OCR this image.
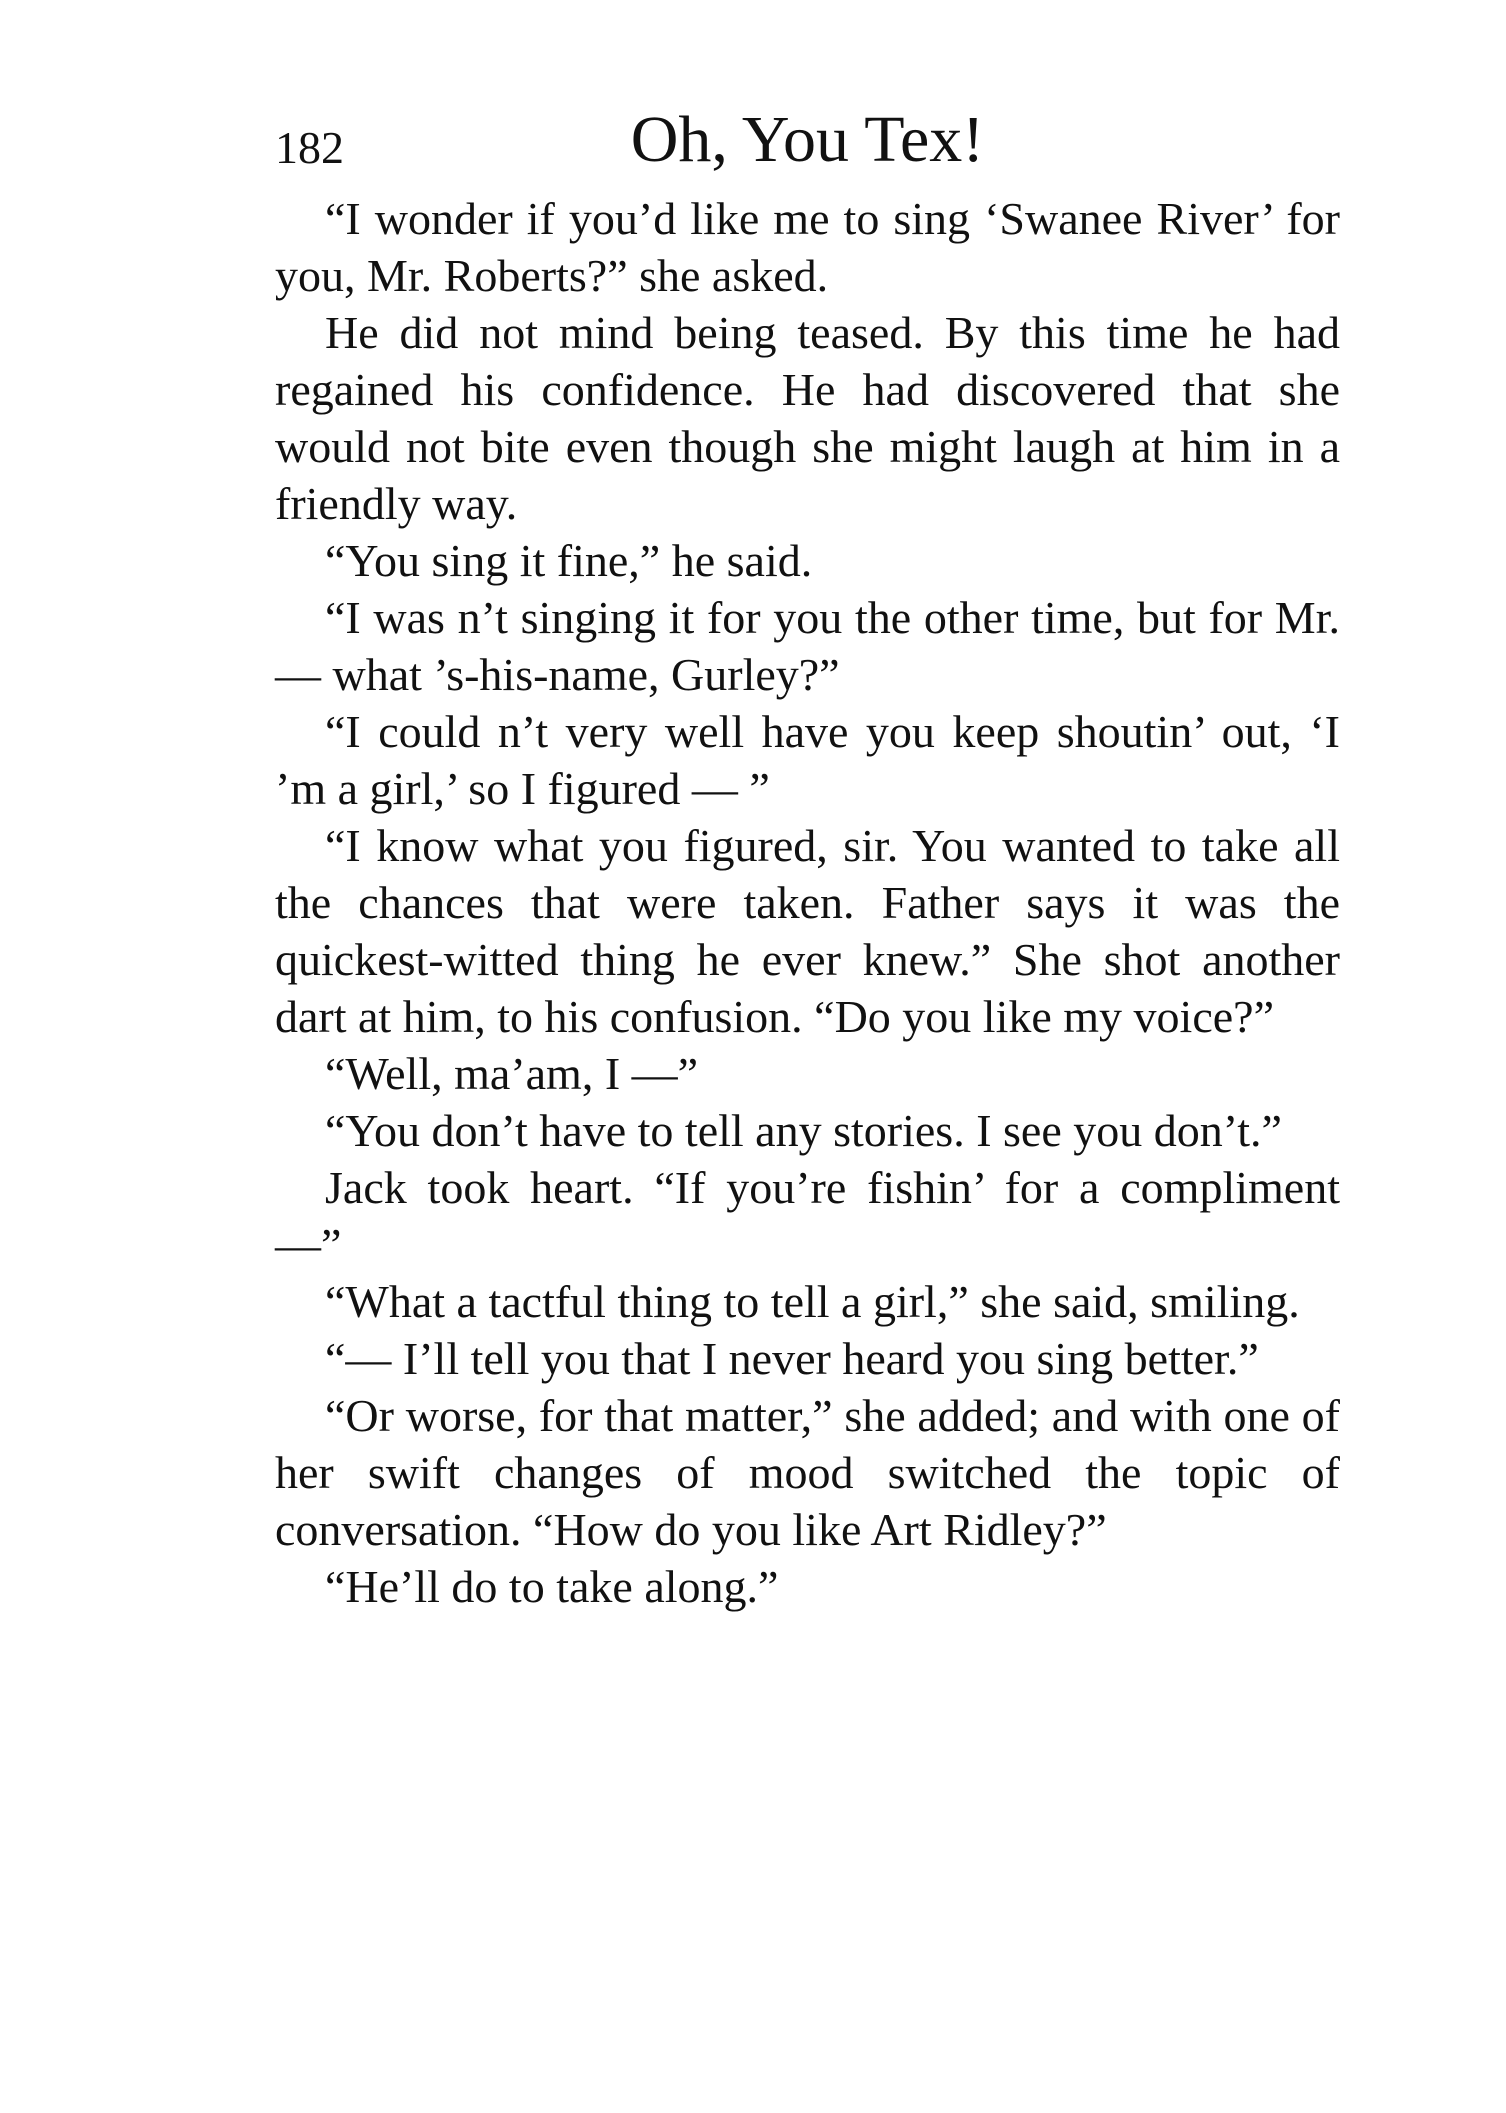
182	Oh, You Tex!

“I wonder if you’d like me to sing ‘Swanee River’ for you, Mr. Roberts?” she asked.

He did not mind being teased. By this time he had regained his confidence. He had discovered that she would not bite even though she might laugh at him in a friendly way.

“You sing it fine,” he said.

“I was n’t singing it for you the other time, but for Mr. — what ’s-his-name, Gurley?”

“I could n’t very well have you keep shoutin’ out, ‘I ’m a girl,’ so I figured — ”

“I know what you figured, sir. You wanted to take all the chances that were taken. Father says it was the quickest-witted thing he ever knew.” She shot another dart at him, to his confusion. “Do you like my voice?”

“Well, ma’am, I —”

“You don’t have to tell any stories. I see you don’t.”

Jack took heart. “If you’re fishin’ for a compliment —”

“What a tactful thing to tell a girl,” she said, smiling.

“— I’ll tell you that I never heard you sing better.”

“Or worse, for that matter,” she added; and with one of her swift changes of mood switched the topic of conversation. “How do you like Art Ridley?”

“He’ll do to take along.”
